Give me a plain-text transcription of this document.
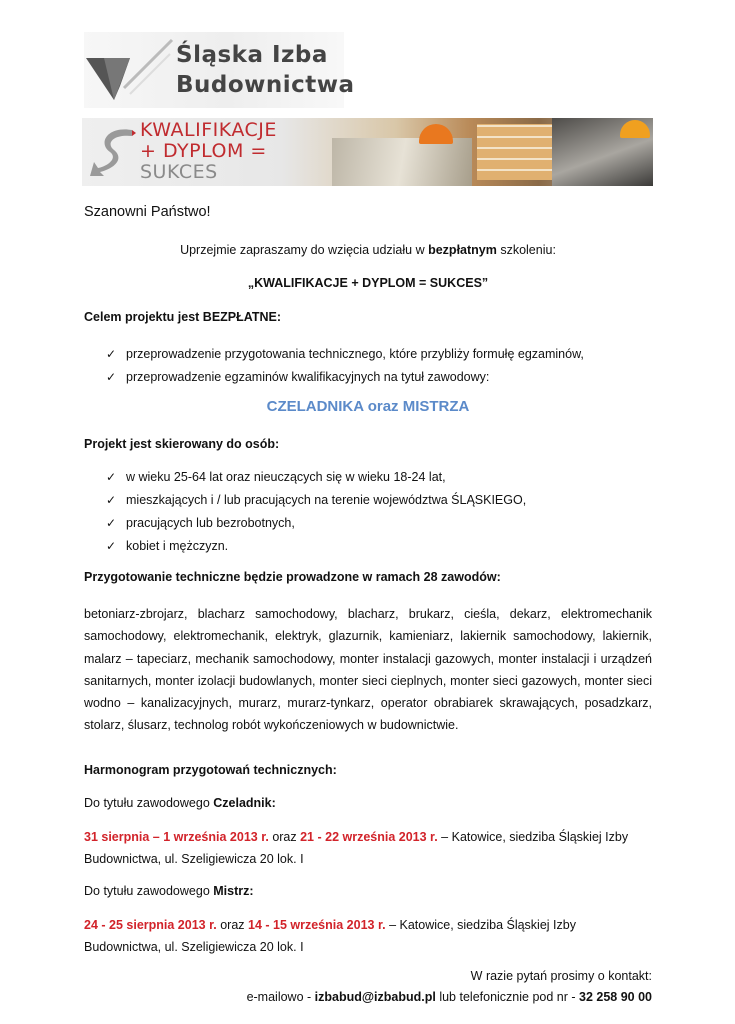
Śląska Izba
Budownictwa
KWALIFIKACJE
+ DYPLOM =
SUKCES
Szanowni Państwo!
Uprzejmie zapraszamy do wzięcia udziału w bezpłatnym szkoleniu:
„KWALIFIKACJE + DYPLOM = SUKCES”
Celem projektu jest BEZPŁATNE:
✓ przeprowadzenie przygotowania technicznego, które przybliży formułę egzaminów,
✓ przeprowadzenie egzaminów kwalifikacyjnych na tytuł zawodowy:
CZELADNIKA oraz MISTRZA
Projekt jest skierowany do osób:
✓ w wieku 25-64 lat oraz nieuczących się w wieku 18-24 lat,
✓ mieszkających i / lub pracujących na terenie województwa ŚLĄSKIEGO,
✓ pracujących lub bezrobotnych,
✓ kobiet i mężczyzn.
Przygotowanie techniczne będzie prowadzone w ramach 28 zawodów:
betoniarz-zbrojarz, blacharz samochodowy, blacharz, brukarz, cieśla, dekarz, elektromechanik samochodowy, elektromechanik, elektryk, glazurnik, kamieniarz, lakiernik samochodowy, lakiernik, malarz – tapeciarz, mechanik samochodowy, monter instalacji gazowych, monter instalacji i urządzeń sanitarnych, monter izolacji budowlanych, monter sieci cieplnych, monter sieci gazowych, monter sieci wodno – kanalizacyjnych, murarz, murarz-tynkarz, operator obrabiarek skrawających, posadzkarz, stolarz, ślusarz, technolog robót wykończeniowych w budownictwie.
Harmonogram przygotowań technicznych:
Do tytułu zawodowego Czeladnik:
31 sierpnia – 1 września 2013 r. oraz 21 - 22 września 2013 r. – Katowice, siedziba Śląskiej Izby Budownictwa, ul. Szeligiewicza 20 lok. I
Do tytułu zawodowego Mistrz:
24 - 25 sierpnia 2013 r. oraz 14 - 15 września 2013 r. – Katowice, siedziba Śląskiej Izby Budownictwa, ul. Szeligiewicza 20 lok. I
W razie pytań prosimy o kontakt:
e-mailowo - izbabud@izbabud.pl lub telefonicznie pod nr - 32 258 90 00
